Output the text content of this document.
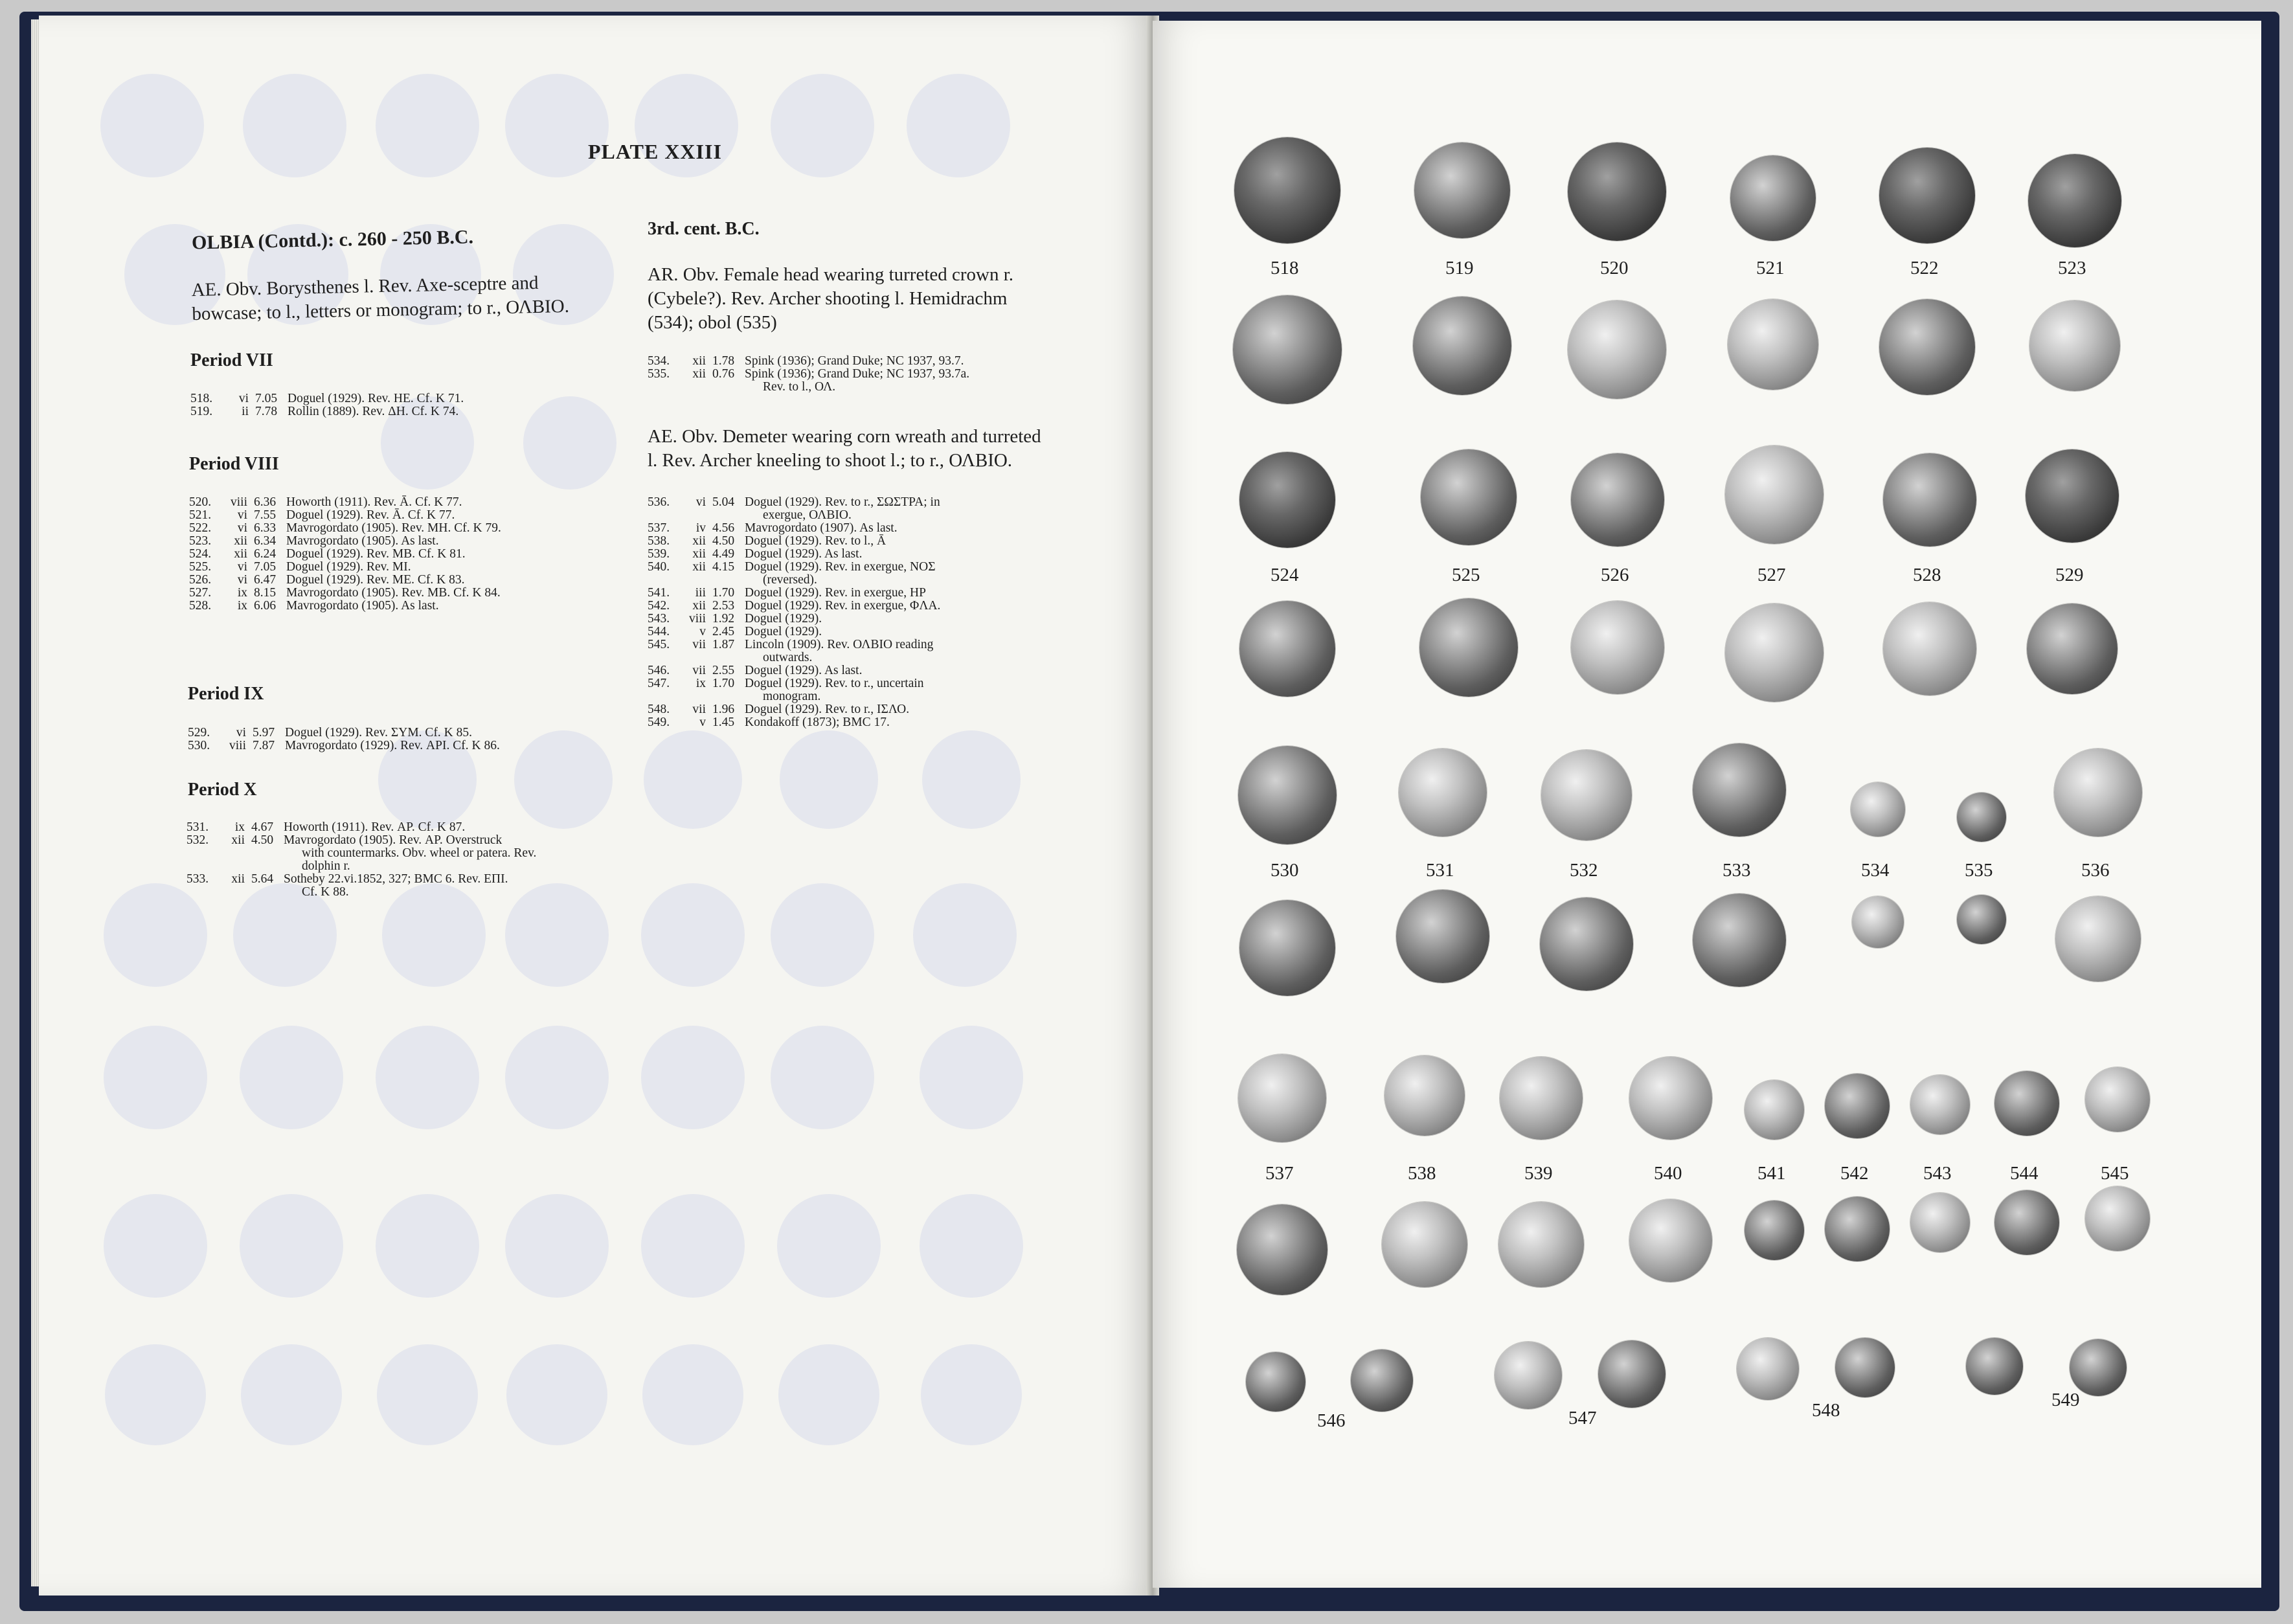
PLATE XXIII
OLBIA (Contd.): c. 260 - 250 B.C.
AE. Obv. Borysthenes l. Rev. Axe-sceptre and
bowcase; to l., letters or monogram; to r., ΟΛΒΙΟ.
Period VII
518. vi 7.05 Doguel (1929). Rev. ΗΕ. Cf. K 71.
519. ii 7.78 Rollin (1889). Rev. ΔΗ. Cf. K 74.
Period VIII
520. viii 6.36 Howorth (1911). Rev. Ā. Cf. K 77.
521. vi 7.55 Doguel (1929). Rev. Ā. Cf. K 77.
522. vi 6.33 Mavrogordato (1905). Rev. ΜΗ. Cf. K 79.
523. xii 6.34 Mavrogordato (1905). As last.
524. xii 6.24 Doguel (1929). Rev. ΜΒ. Cf. K 81.
525. vi 7.05 Doguel (1929). Rev. ΜΙ.
526. vi 6.47 Doguel (1929). Rev. ΜΕ. Cf. K 83.
527. ix 8.15 Mavrogordato (1905). Rev. ΜΒ. Cf. K 84.
528. ix 6.06 Mavrogordato (1905). As last.
Period IX
529. vi 5.97 Doguel (1929). Rev. ΣΥΜ. Cf. K 85.
530. viii 7.87 Mavrogordato (1929). Rev. ΑΡΙ. Cf. K 86.
Period X
531. ix 4.67 Howorth (1911). Rev. ΑΡ. Cf. K 87.
532. xii 4.50 Mavrogordato (1905). Rev. ΑΡ. Overstruck
with countermarks. Obv. wheel or patera. Rev.
dolphin r.
533. xii 5.64 Sotheby 22.vi.1852, 327; BMC 6. Rev. ΕΠΙ.
Cf. K 88.
3rd. cent. B.C.
AR. Obv. Female head wearing turreted crown r.
(Cybele?). Rev. Archer shooting l. Hemidrachm
(534); obol (535)
534. xii 1.78 Spink (1936); Grand Duke; NC 1937, 93.7.
535. xii 0.76 Spink (1936); Grand Duke; NC 1937, 93.7a.
Rev. to l., ΟΛ.
AE. Obv. Demeter wearing corn wreath and turreted
l. Rev. Archer kneeling to shoot l.; to r., ΟΛΒΙΟ.
536. vi 5.04 Doguel (1929). Rev. to r., ΣΩΣΤΡΑ; in
exergue, ΟΛΒΙΟ.
537. iv 4.56 Mavrogordato (1907). As last.
538. xii 4.50 Doguel (1929). Rev. to l., Ā
539. xii 4.49 Doguel (1929). As last.
540. xii 4.15 Doguel (1929). Rev. in exergue, ΝΟΣ
(reversed).
541. iii 1.70 Doguel (1929). Rev. in exergue, ΗΡ
542. xii 2.53 Doguel (1929). Rev. in exergue, ΦΛΑ.
543. viii 1.92 Doguel (1929).
544. v 2.45 Doguel (1929).
545. vii 1.87 Lincoln (1909). Rev. ΟΛΒΙΟ reading
outwards.
546. vii 2.55 Doguel (1929). As last.
547. ix 1.70 Doguel (1929). Rev. to r., uncertain
monogram.
548. vii 1.96 Doguel (1929). Rev. to r., ΙΣΛΟ.
549. v 1.45 Kondakoff (1873); BMC 17.
518	519	520	521	522	523
524	525	526	527	528	529
530	531	532	533	534	535	536
537	538	539	540	541	542	543	544	545
546	547	548	549
